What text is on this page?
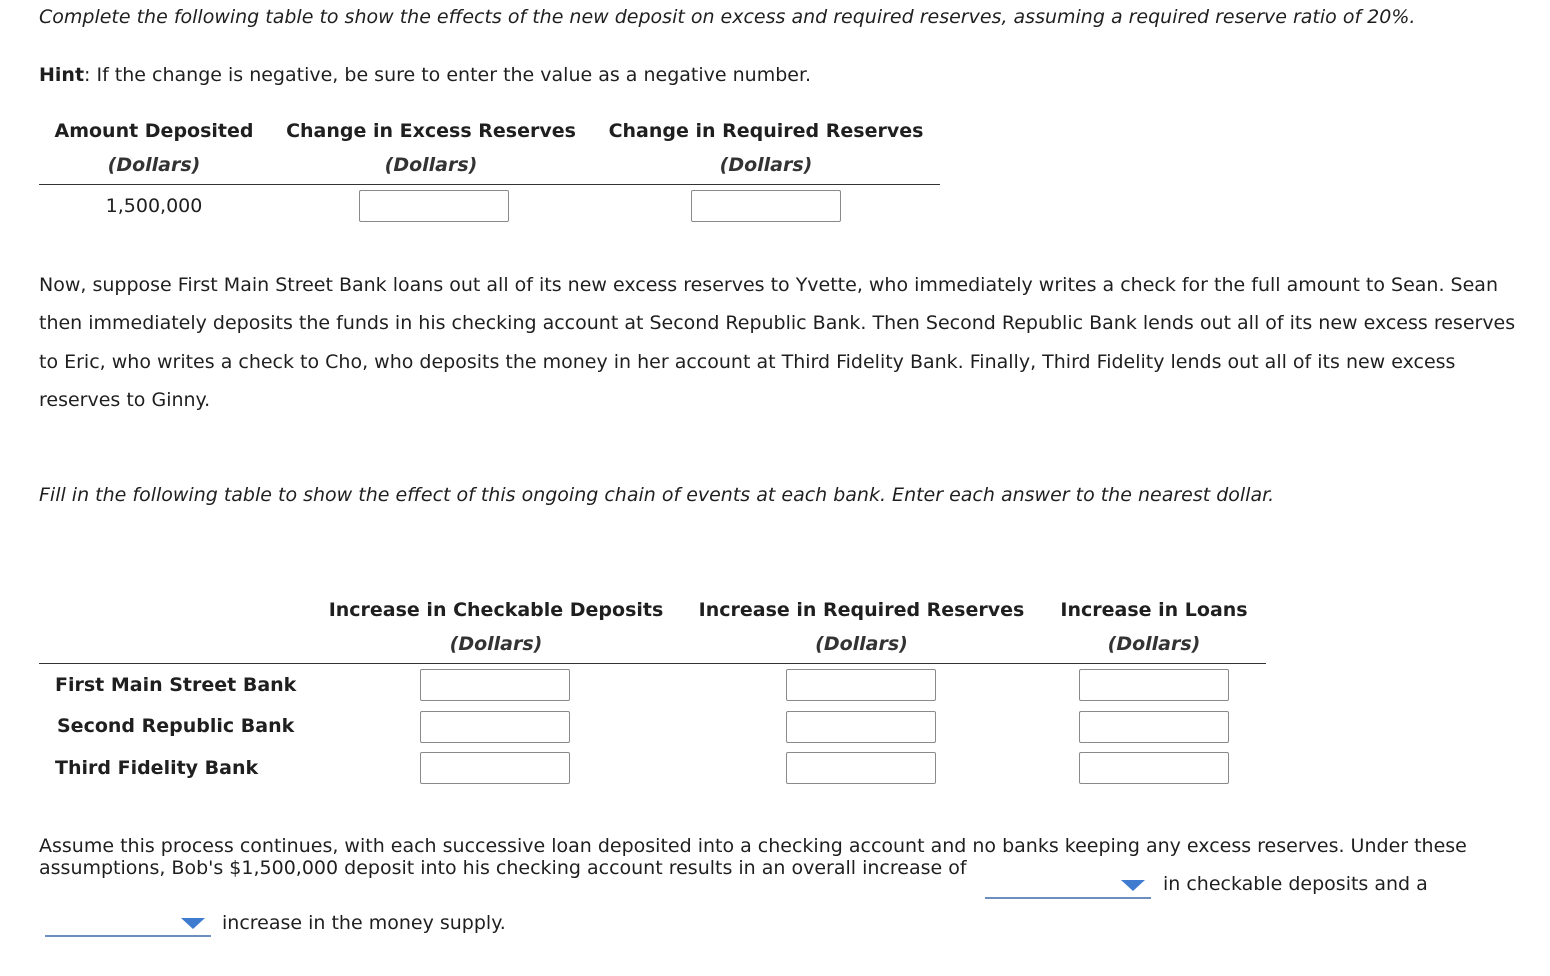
Complete the following table to show the effects of the new deposit on excess and required reserves, assuming a required reserve ratio of 20%.
Hint: If the change is negative, be sure to enter the value as a negative number.
Amount Deposited
(Dollars)
Change in Excess Reserves
(Dollars)
Change in Required Reserves
(Dollars)
1,500,000
Now, suppose First Main Street Bank loans out all of its new excess reserves to Yvette, who immediately writes a check for the full amount to Sean. Sean then immediately deposits the funds in his checking account at Second Republic Bank. Then Second Republic Bank lends out all of its new excess reserves to Eric, who writes a check to Cho, who deposits the money in her account at Third Fidelity Bank. Finally, Third Fidelity lends out all of its new excess reserves to Ginny.
Fill in the following table to show the effect of this ongoing chain of events at each bank. Enter each answer to the nearest dollar.
Increase in Checkable Deposits
(Dollars)
Increase in Required Reserves
(Dollars)
Increase in Loans
(Dollars)
First Main Street Bank
Second Republic Bank
Third Fidelity Bank
Assume this process continues, with each successive loan deposited into a checking account and no banks keeping any excess reserves. Under these assumptions, Bob's $1,500,000 deposit into his checking account results in an overall increase of
in checkable deposits and a
increase in the money supply.
